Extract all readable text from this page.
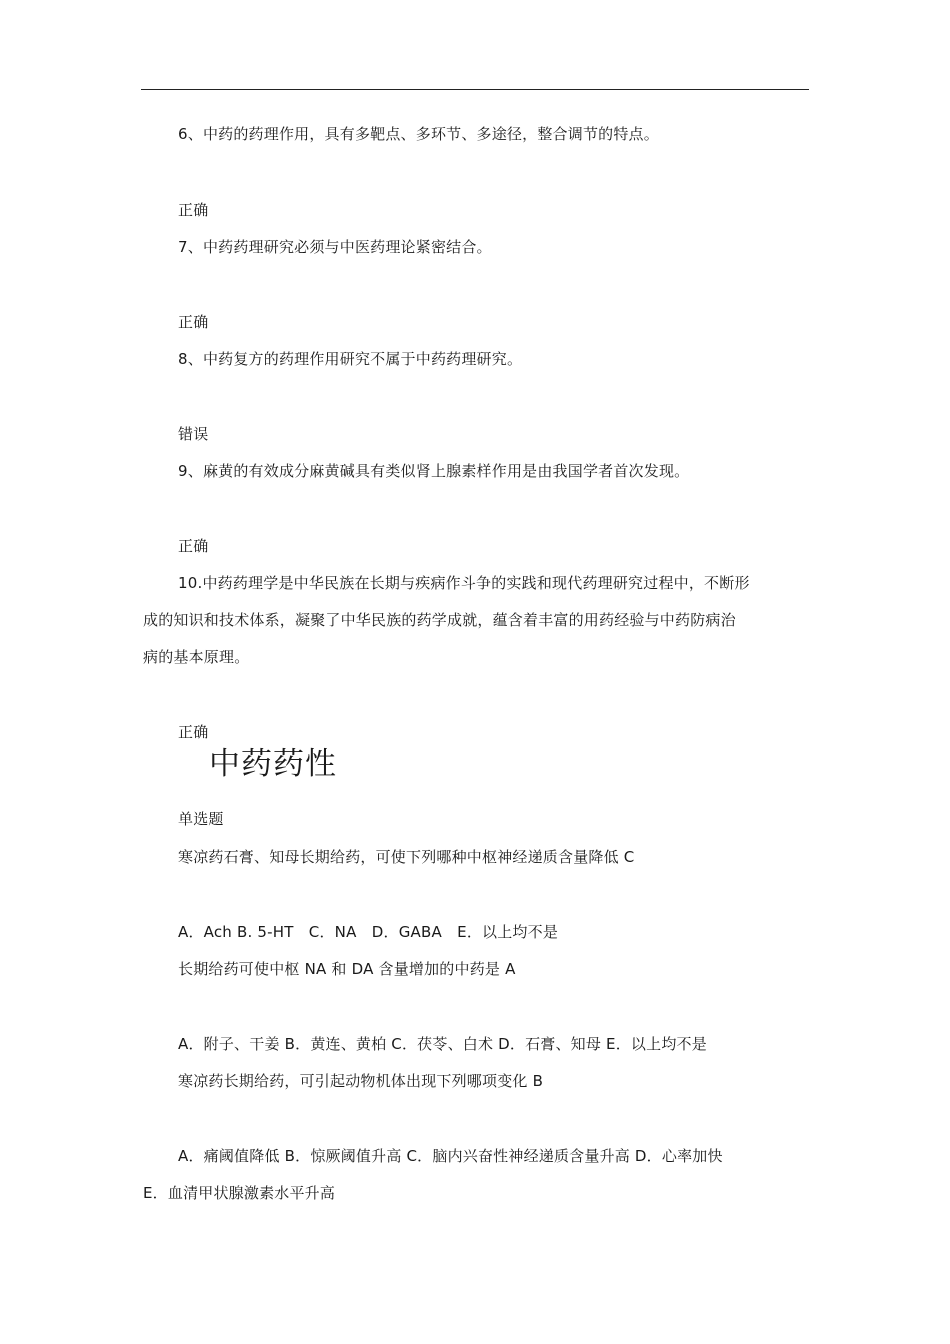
6、中药的药理作用，具有多靶点、多环节、多途径，整合调节的特点。
正确
7、中药药理研究必须与中医药理论紧密结合。
正确
8、中药复方的药理作用研究不属于中药药理研究。
错误
9、麻黄的有效成分麻黄碱具有类似肾上腺素样作用是由我国学者首次发现。
正确
10.中药药理学是中华民族在长期与疾病作斗争的实践和现代药理研究过程中，不断形
成的知识和技术体系，凝聚了中华民族的药学成就，蕴含着丰富的用药经验与中药防病治
病的基本原理。
正确
中药药性
单选题
寒凉药石膏、知母长期给药，可使下列哪种中枢神经递质含量降低 C
A．Ach B. 5-HT　C．NA　D．GABA　E．以上均不是
长期给药可使中枢 NA 和 DA 含量增加的中药是 A
A．附子、干姜 B．黄连、黄柏 C．茯苓、白术 D．石膏、知母 E．以上均不是
寒凉药长期给药，可引起动物机体出现下列哪项变化 B
A．痛阈值降低 B．惊厥阈值升高 C．脑内兴奋性神经递质含量升高 D．心率加快
E．血清甲状腺激素水平升高
